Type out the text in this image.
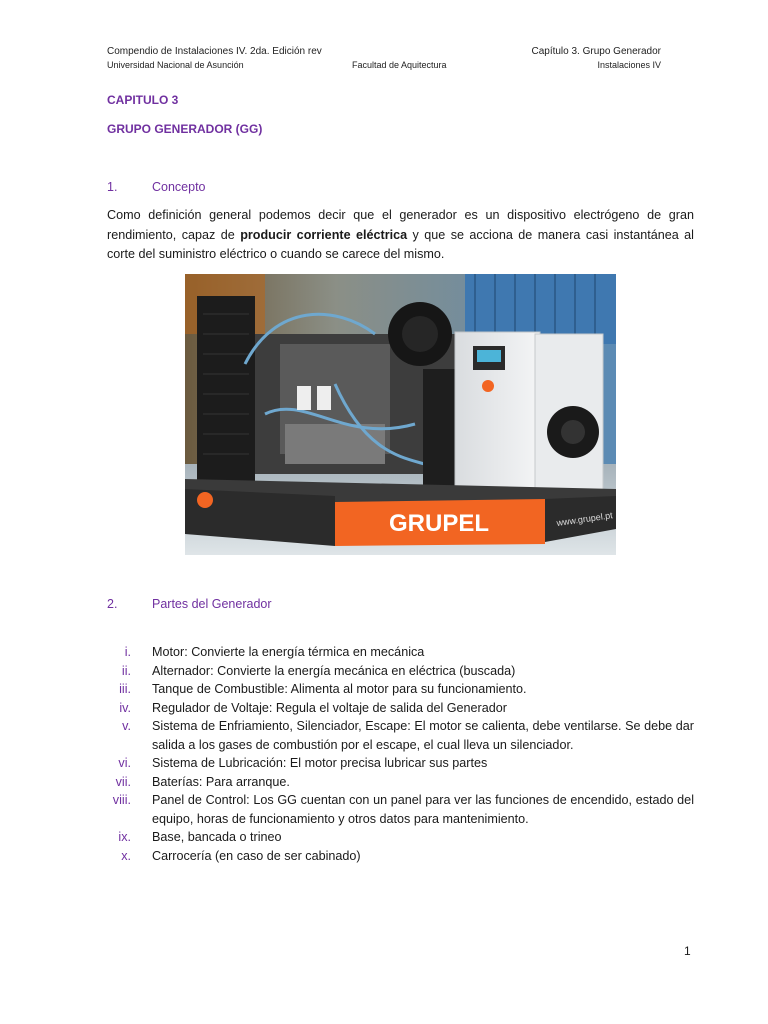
Compendio de Instalaciones IV. 2da. Edición rev	Capítulo 3. Grupo Generador
Universidad Nacional de Asunción	Facultad de Aquitectura	Instalaciones IV
CAPITULO 3
GRUPO GENERADOR (GG)
1.	Concepto

Como definición general podemos decir que el generador es un dispositivo electrógeno de gran rendimiento, capaz de producir corriente eléctrica y que se acciona de manera casi instantánea al corte del suministro eléctrico o cuando se carece del mismo.

GRUPEL	www.grupel.pt
2.	Partes del Generador
i. Motor: Convierte la energía térmica en mecánica
ii. Alternador: Convierte la energía mecánica en eléctrica (buscada)
iii. Tanque de Combustible: Alimenta al motor para su funcionamiento.
iv. Regulador de Voltaje: Regula el voltaje de salida del Generador
v. Sistema de Enfriamiento, Silenciador, Escape: El motor se calienta, debe ventilarse. Se debe dar salida a los gases de combustión por el escape, el cual lleva un silenciador.
vi. Sistema de Lubricación: El motor precisa lubricar sus partes
vii. Baterías: Para arranque.
viii. Panel de Control: Los GG cuentan con un panel para ver las funciones de encendido, estado del equipo, horas de funcionamiento y otros datos para mantenimiento.
ix. Base, bancada o trineo
x. Carrocería (en caso de ser cabinado)
1
